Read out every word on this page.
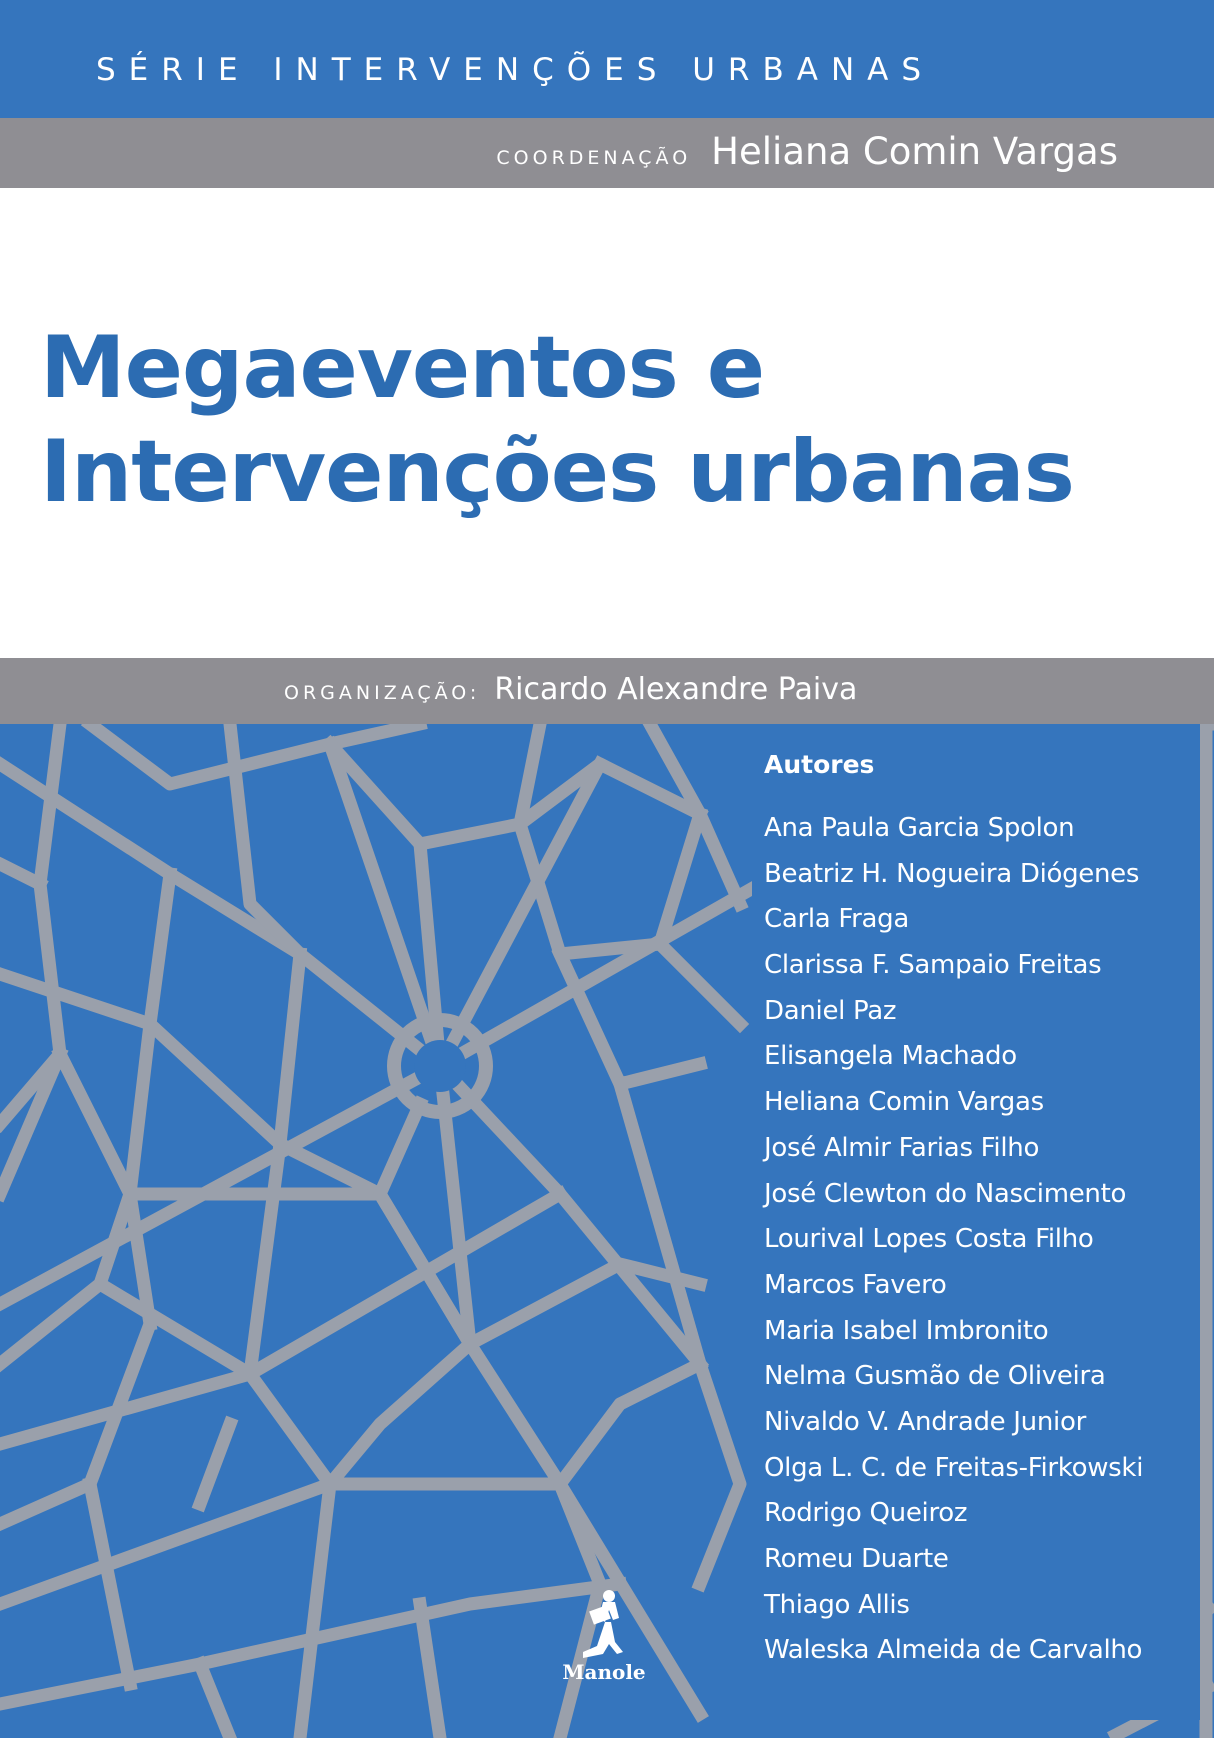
SÉRIE INTERVENÇÕES URBANAS
COORDENAÇÃO Heliana Comin Vargas
Megaeventos e
Intervenções urbanas
ORGANIZAÇÃO: Ricardo Alexandre Paiva
Autores
Ana Paula Garcia Spolon
Beatriz H. Nogueira Diógenes
Carla Fraga
Clarissa F. Sampaio Freitas
Daniel Paz
Elisangela Machado
Heliana Comin Vargas
José Almir Farias Filho
José Clewton do Nascimento
Lourival Lopes Costa Filho
Marcos Favero
Maria Isabel Imbronito
Nelma Gusmão de Oliveira
Nivaldo V. Andrade Junior
Olga L. C. de Freitas-Firkowski
Rodrigo Queiroz
Romeu Duarte
Thiago Allis
Waleska Almeida de Carvalho
Manole
